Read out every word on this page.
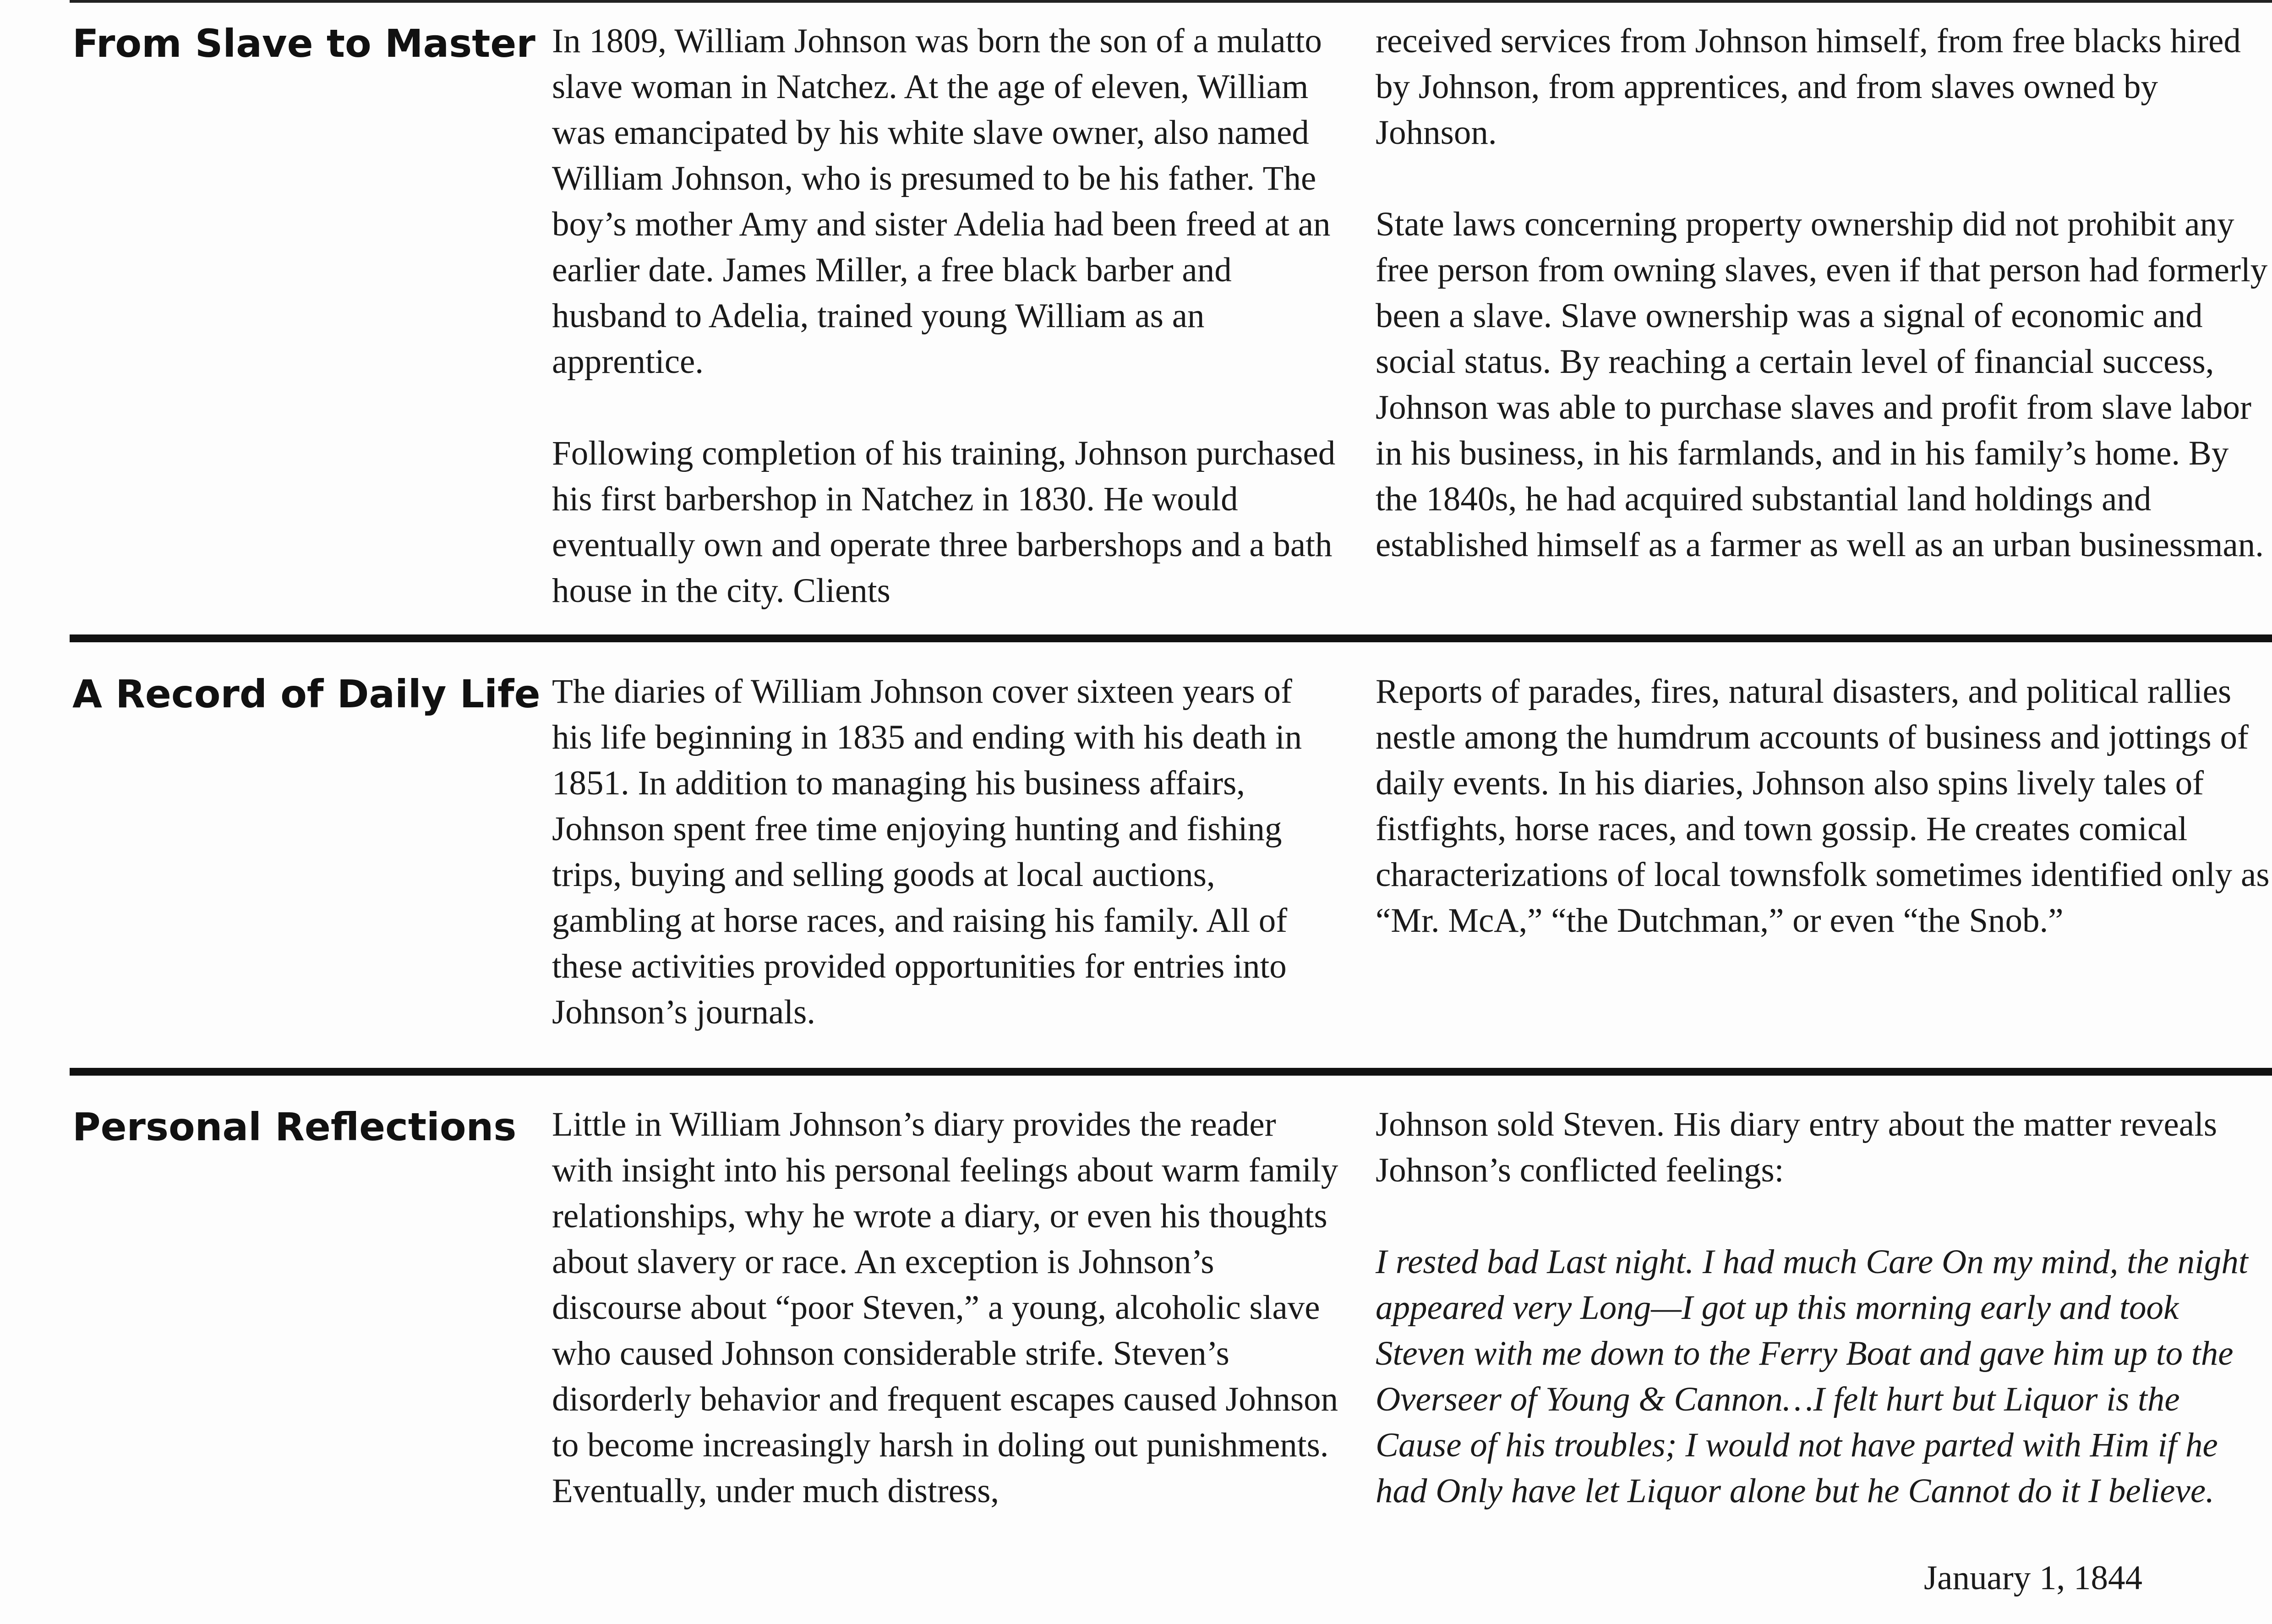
From Slave to Master In 1809, William Johnson was born the son of a mulatto slave woman in Natchez. At the age of eleven, William was emancipated by his white slave owner, also named William Johnson, who is presumed to be his father. The boy’s mother Amy and sister Adelia had been freed at an earlier date. James Miller, a free black barber and husband to Adelia, trained young William as an apprentice.

Following completion of his training, Johnson purchased his first barbershop in Natchez in 1830. He would eventually own and operate three barbershops and a bath house in the city. Clients

received services from Johnson himself, from free blacks hired by Johnson, from apprentices, and from slaves owned by Johnson.

State laws concerning property ownership did not prohibit any free person from owning slaves, even if that person had formerly been a slave. Slave ownership was a signal of economic and social status. By reaching a certain level of financial success, Johnson was able to purchase slaves and profit from slave labor in his business, in his farmlands, and in his family’s home. By the 1840s, he had acquired substantial land holdings and established himself as a farmer as well as an urban businessman.

A Record of Daily Life The diaries of William Johnson cover sixteen years of his life beginning in 1835 and ending with his death in 1851. In addition to managing his business affairs, Johnson spent free time enjoying hunting and fishing trips, buying and selling goods at local auctions, gambling at horse races, and raising his family. All of these activities provided opportunities for entries into Johnson’s journals.

Reports of parades, fires, natural disasters, and political rallies nestle among the humdrum accounts of business and jottings of daily events. In his diaries, Johnson also spins lively tales of fistfights, horse races, and town gossip. He creates comical characterizations of local townsfolk sometimes identified only as “Mr. McA,” “the Dutchman,” or even “the Snob.”

Personal Reflections	Little in William Johnson’s diary provides the reader with insight into his personal feelings about warm family relationships, why he wrote a diary, or even his thoughts about slavery or race. An exception is Johnson’s discourse about “poor Steven,” a young, alcoholic slave who caused Johnson considerable strife. Steven’s disorderly behavior and frequent escapes caused Johnson to become increasingly harsh in doling out punishments. Eventually, under much distress,

Johnson sold Steven. His diary entry about the matter reveals Johnson’s conflicted feelings:

I rested bad Last night. I had much Care On my mind, the night appeared very Long—I got up this morning early and took Steven with me down to the Ferry Boat and gave him up to the Overseer of Young & Cannon…I felt hurt but Liquor is the Cause of his troubles; I would not have parted with Him if he had Only have let Liquor alone but he Cannot do it I believe.

January 1, 1844
